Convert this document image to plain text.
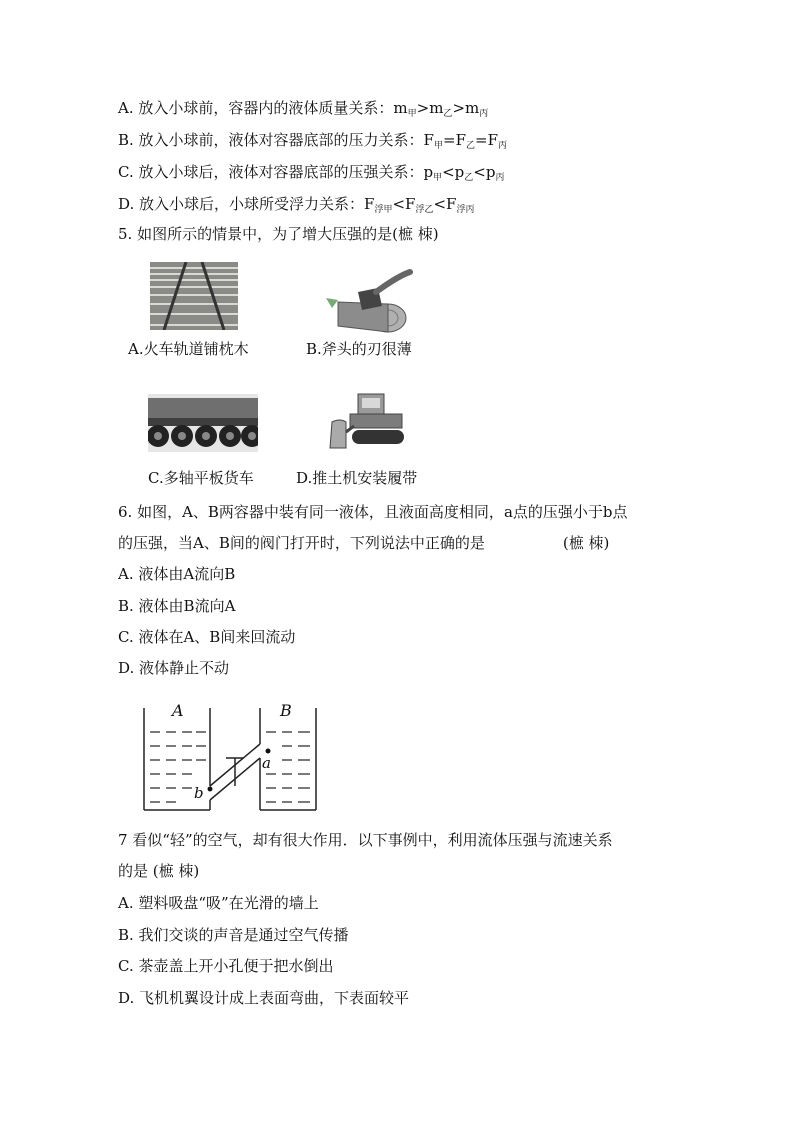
A. 放入小球前，容器内的液体质量关系：$m_甲>m_乙>m_丙$
B. 放入小球前，液体对容器底部的压力关系：$F_甲=F_乙=F_丙$
C. 放入小球后，液体对容器底部的压强关系：$p_甲<p_乙<p_丙$
D. 放入小球后，小球所受浮力关系：$F_{浮甲}<F_{浮乙}<F_{浮丙}$
5. 如图所示的情景中，为了增大压强的是(樜 栜)
A.火车轨道铺枕木	B.斧头的刃很薄
C.多轴平板货车	D.推土机安装履带
6. 如图，A、B两容器中装有同一液体，且液面高度相同，a点的压强小于b点
的压强，当A、B间的阀门打开时，下列说法中正确的是	(樜 栜)
A. 液体由A流向B
B. 液体由B流向A
C. 液体在A、B间来回流动
D. 液体静止不动
A	B
a
b
7 看似“轻”的空气，却有很大作用．以下事例中，利用流体压强与流速关系
的是 (樜 栜)
A. 塑料吸盘“吸”在光滑的墙上
B. 我们交谈的声音是通过空气传播
C. 茶壶盖上开小孔便于把水倒出
D. 飞机机翼设计成上表面弯曲，下表面较平
